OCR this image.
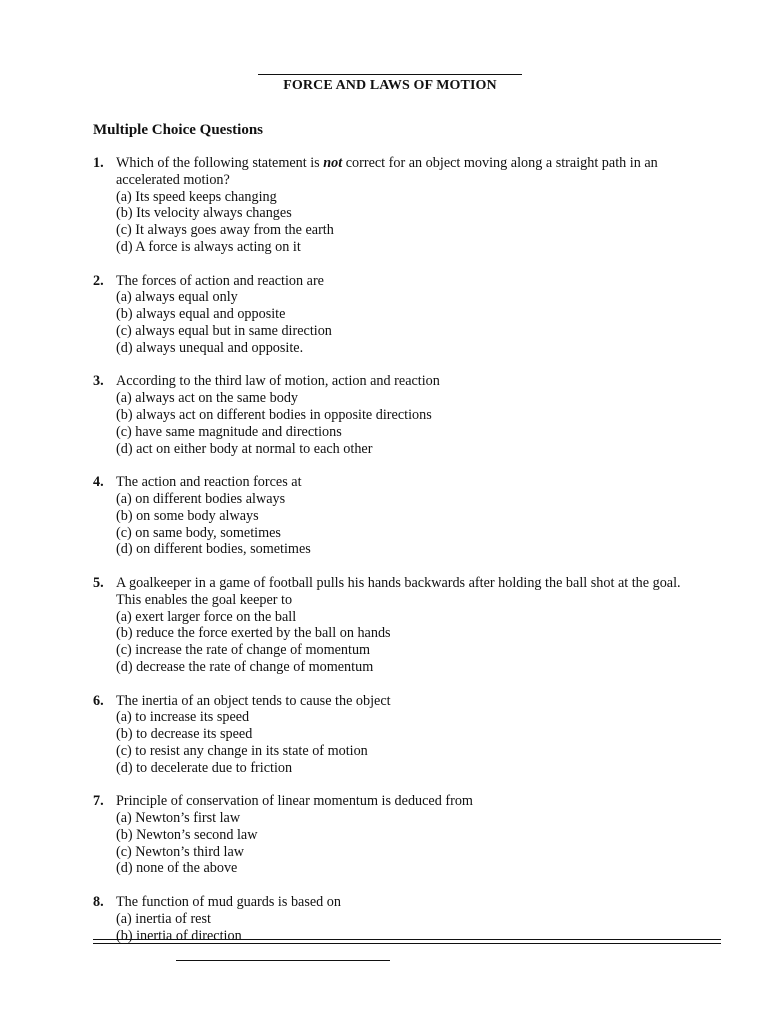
FORCE AND LAWS OF MOTION
Multiple Choice Questions
1. Which of the following statement is not correct for an object moving along a straight path in an accelerated motion?
(a) Its speed keeps changing
(b) Its velocity always changes
(c) It always goes away from the earth
(d) A force is always acting on it
2. The forces of action and reaction are
(a) always equal only
(b) always equal and opposite
(c) always equal but in same direction
(d) always unequal and opposite.
3. According to the third law of motion, action and reaction
(a) always act on the same body
(b) always act on different bodies in opposite directions
(c) have same magnitude and directions
(d) act on either body at normal to each other
4. The action and reaction forces at
(a) on different bodies always
(b) on some body always
(c) on same body, sometimes
(d) on different bodies, sometimes
5. A goalkeeper in a game of football pulls his hands backwards after holding the ball shot at the goal. This enables the goal keeper to
(a) exert larger force on the ball
(b) reduce the force exerted by the ball on hands
(c) increase the rate of change of momentum
(d) decrease the rate of change of momentum
6. The inertia of an object tends to cause the object
(a) to increase its speed
(b) to decrease its speed
(c) to resist any change in its state of motion
(d) to decelerate due to friction
7. Principle of conservation of linear momentum is deduced from
(a) Newton’s first law
(b) Newton’s second law
(c) Newton’s third law
(d) none of the above
8. The function of mud guards is based on
(a) inertia of rest
(b) inertia of direction
